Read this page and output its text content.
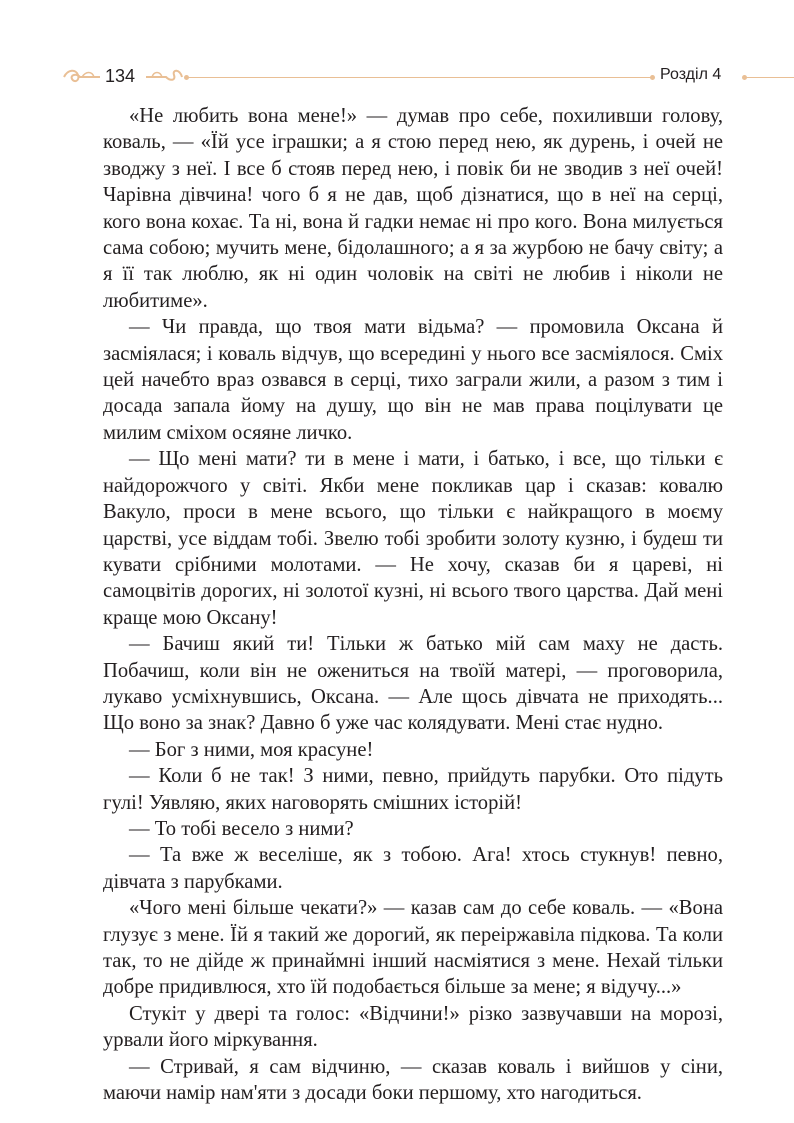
134	Розділ 4

«Не любить вона мене!» — думав про себе, похиливши голову, коваль, — «Їй усе іграшки; а я стою перед нею, як дурень, і очей не зводжу з неї. І все б стояв перед нею, і повік би не зводив з неї очей! Чарівна дівчина! чого б я не дав, щоб дізнатися, що в неї на серці, кого вона кохає. Та ні, вона й гадки немає ні про кого. Вона милується сама собою; мучить мене, бідолашного; а я за журбою не бачу світу; а я її так люблю, як ні один чоловік на світі не любив і ніколи не любитиме».

— Чи правда, що твоя мати відьма? — промовила Оксана й засміялася; і коваль відчув, що всередині у нього все засміялося. Сміх цей начебто враз озвався в серці, тихо заграли жили, а разом з тим і досада запала йому на душу, що він не мав права поцілувати це милим сміхом осяяне личко.

— Що мені мати? ти в мене і мати, і батько, і все, що тільки є найдорожчого у світі. Якби мене покликав цар і сказав: ковалю Вакуло, проси в мене всього, що тільки є найкращого в моєму царстві, усе віддам тобі. Звелю тобі зробити золоту кузню, і будеш ти кувати срібними молотами. — Не хочу, сказав би я цареві, ні самоцвітів дорогих, ні золотої кузні, ні всього твого царства. Дай мені краще мою Оксану!

— Бачиш який ти! Тільки ж батько мій сам маху не дасть. Побачиш, коли він не ожениться на твоїй матері, — проговорила, лукаво усміхнувшись, Оксана. — Але щось дівчата не приходять... Що воно за знак? Давно б уже час колядувати. Мені стає нудно.

— Бог з ними, моя красуне!

— Коли б не так! З ними, певно, прийдуть парубки. Ото підуть гулі! Уявляю, яких наговорять смішних історій!

— То тобі весело з ними?

— Та вже ж веселіше, як з тобою. Ага! хтось стукнув! певно, дівчата з парубками.

«Чого мені більше чекати?» — казав сам до себе коваль. — «Вона глузує з мене. Їй я такий же дорогий, як переіржавіла підкова. Та коли так, то не дійде ж принаймні інший насміятися з мене. Нехай тільки добре придивлюся, хто їй подобається більше за мене; я відучу...»

Стукіт у двері та голос: «Відчини!» різко зазвучавши на морозі, урвали його міркування.

— Стривай, я сам відчиню, — сказав коваль і вийшов у сіни, маючи намір нам'яти з досади боки першому, хто нагодиться.
